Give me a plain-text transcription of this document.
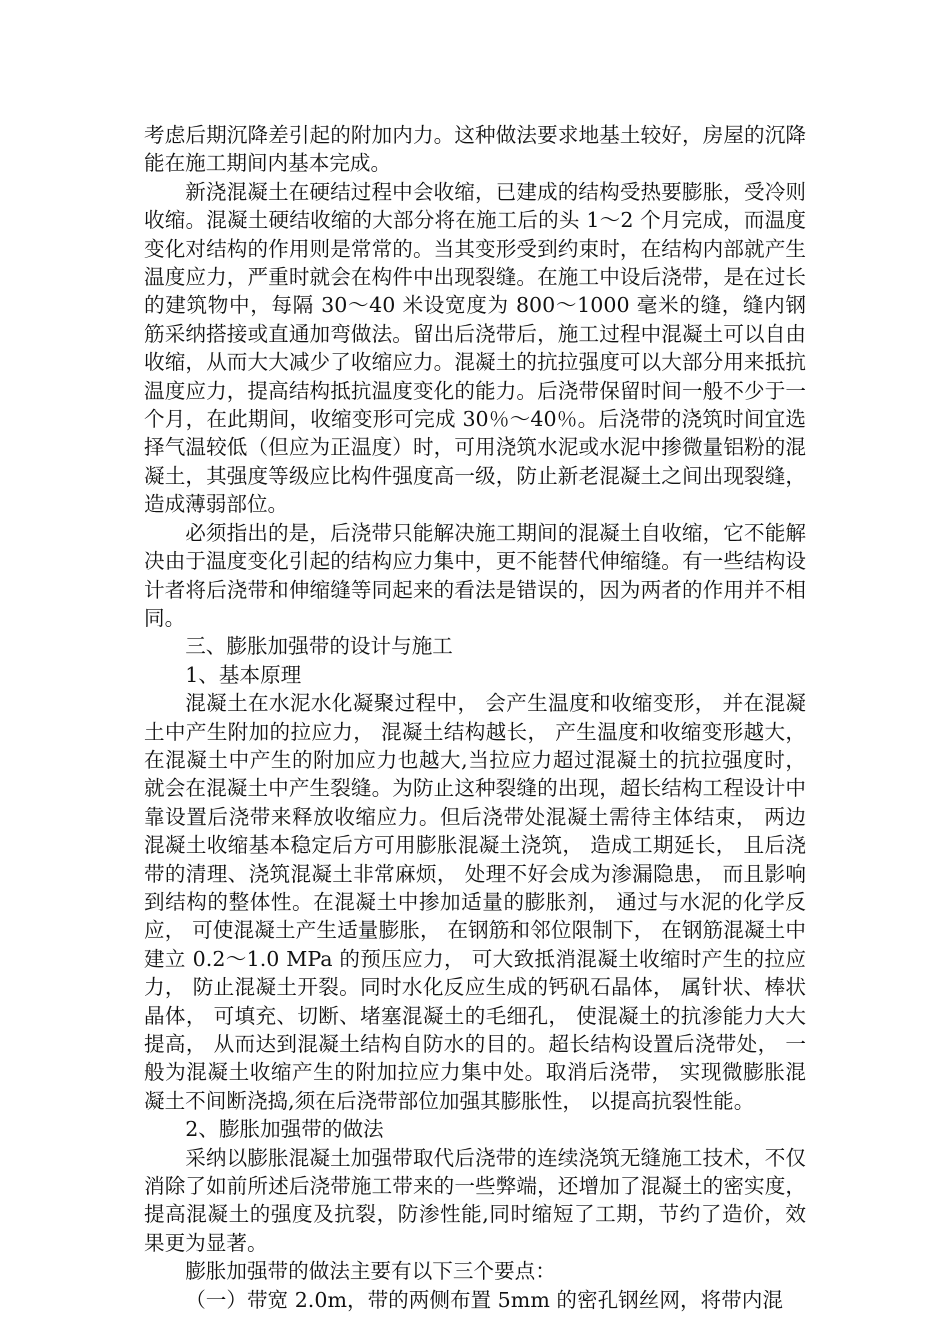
考虑后期沉降差引起的附加内力。这种做法要求地基土较好，房屋的沉降能在施工期间内基本完成。

新浇混凝土在硬结过程中会收缩，已建成的结构受热要膨胀，受冷则收缩。混凝土硬结收缩的大部分将在施工后的头 1～2 个月完成，而温度变化对结构的作用则是常常的。当其变形受到约束时，在结构内部就产生温度应力，严重时就会在构件中出现裂缝。在施工中设后浇带，是在过长的建筑物中，每隔 30～40 米设宽度为 800～1000 毫米的缝，缝内钢筋采纳搭接或直通加弯做法。留出后浇带后，施工过程中混凝土可以自由收缩，从而大大减少了收缩应力。混凝土的抗拉强度可以大部分用来抵抗温度应力，提高结构抵抗温度变化的能力。后浇带保留时间一般不少于一个月，在此期间，收缩变形可完成 30％～40％。后浇带的浇筑时间宜选择气温较低（但应为正温度）时，可用浇筑水泥或水泥中掺微量铝粉的混凝土，其强度等级应比构件强度高一级，防止新老混凝土之间出现裂缝，造成薄弱部位。

必须指出的是，后浇带只能解决施工期间的混凝土自收缩，它不能解决由于温度变化引起的结构应力集中，更不能替代伸缩缝。有一些结构设计者将后浇带和伸缩缝等同起来的看法是错误的，因为两者的作用并不相同。

三、膨胀加强带的设计与施工

1、基本原理

混凝土在水泥水化凝聚过程中， 会产生温度和收缩变形， 并在混凝土中产生附加的拉应力， 混凝土结构越长， 产生温度和收缩变形越大， 在混凝土中产生的附加应力也越大,当拉应力超过混凝土的抗拉强度时， 就会在混凝土中产生裂缝。为防止这种裂缝的出现，超长结构工程设计中靠设置后浇带来释放收缩应力。但后浇带处混凝土需待主体结束， 两边混凝土收缩基本稳定后方可用膨胀混凝土浇筑， 造成工期延长， 且后浇带的清理、浇筑混凝土非常麻烦， 处理不好会成为渗漏隐患， 而且影响到结构的整体性。在混凝土中掺加适量的膨胀剂， 通过与水泥的化学反应， 可使混凝土产生适量膨胀， 在钢筋和邻位限制下， 在钢筋混凝土中建立 0.2～1.0 MPa 的预压应力， 可大致抵消混凝土收缩时产生的拉应力， 防止混凝土开裂。同时水化反应生成的钙矾石晶体， 属针状、棒状晶体， 可填充、切断、堵塞混凝土的毛细孔， 使混凝土的抗渗能力大大提高， 从而达到混凝土结构自防水的目的。超长结构设置后浇带处， 一般为混凝土收缩产生的附加拉应力集中处。取消后浇带， 实现微膨胀混凝土不间断浇捣,须在后浇带部位加强其膨胀性， 以提高抗裂性能。

2、膨胀加强带的做法

采纳以膨胀混凝土加强带取代后浇带的连续浇筑无缝施工技术，不仅消除了如前所述后浇带施工带来的一些弊端，还增加了混凝土的密实度，提高混凝土的强度及抗裂，防渗性能,同时缩短了工期，节约了造价，效果更为显著。

膨胀加强带的做法主要有以下三个要点：

（一）带宽 2.0m，带的两侧布置 5mm 的密孔钢丝网，将带内混
